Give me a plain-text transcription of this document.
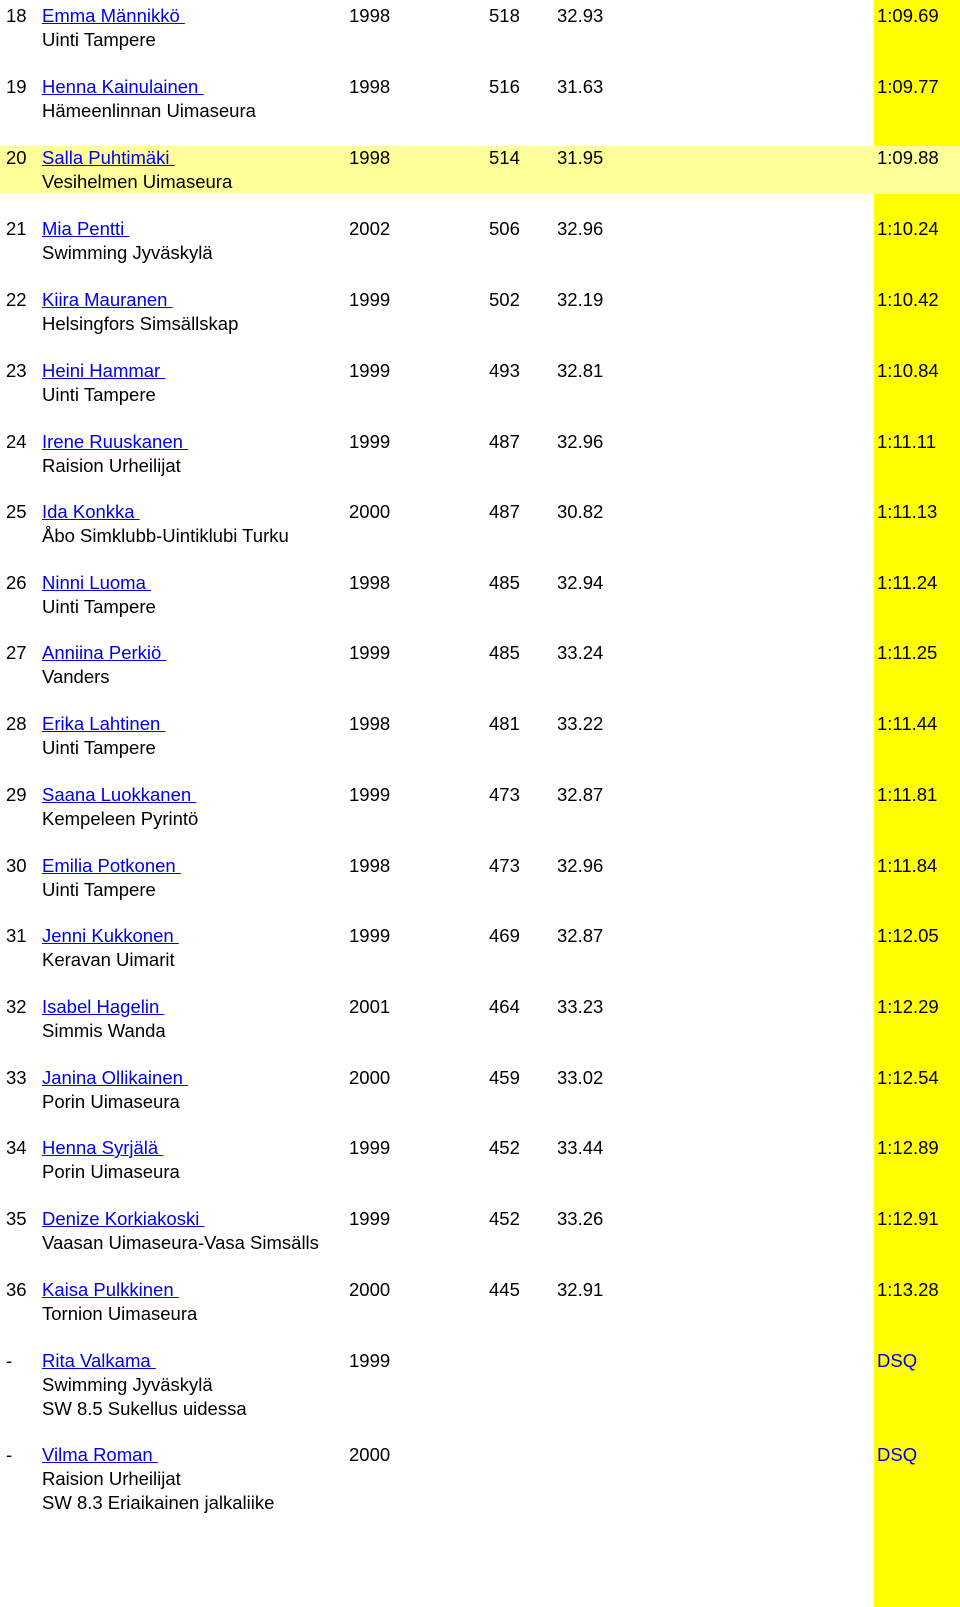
18 Emma Männikkö	1998	518 32.93	1:09.69
Uinti Tampere
19 Henna Kainulainen	1998	516 31.63	1:09.77
Hämeenlinnan Uimaseura
20 Salla Puhtimäki	1998	514 31.95	1:09.88
Vesihelmen Uimaseura
21 Mia Pentti	2002	506 32.96	1:10.24
Swimming Jyväskylä
22 Kiira Mauranen	1999	502 32.19	1:10.42
Helsingfors Simsällskap
23 Heini Hammar	1999	493 32.81	1:10.84
Uinti Tampere
24 Irene Ruuskanen	1999	487 32.96	1:11.11
Raision Urheilijat
25 Ida Konkka	2000	487 30.82	1:11.13
Åbo Simklubb-Uintiklubi Turku
26 Ninni Luoma	1998	485 32.94	1:11.24
Uinti Tampere
27 Anniina Perkiö	1999	485 33.24	1:11.25
Vanders
28 Erika Lahtinen	1998	481 33.22	1:11.44
Uinti Tampere
29 Saana Luokkanen	1999	473 32.87	1:11.81
Kempeleen Pyrintö
30 Emilia Potkonen	1998	473 32.96	1:11.84
Uinti Tampere
31 Jenni Kukkonen	1999	469 32.87	1:12.05
Keravan Uimarit
32 Isabel Hagelin	2001	464 33.23	1:12.29
Simmis Wanda
33 Janina Ollikainen	2000	459 33.02	1:12.54
Porin Uimaseura
34 Henna Syrjälä	1999	452 33.44	1:12.89
Porin Uimaseura
35 Denize Korkiakoski	1999	452 33.26	1:12.91
Vaasan Uimaseura-Vasa Simsälls
36 Kaisa Pulkkinen	2000	445 32.91	1:13.28
Tornion Uimaseura
- Rita Valkama	1999	DSQ
Swimming Jyväskylä
SW 8.5 Sukellus uidessa
- Vilma Roman	2000	DSQ
Raision Urheilijat
SW 8.3 Eriaikainen jalkaliike
